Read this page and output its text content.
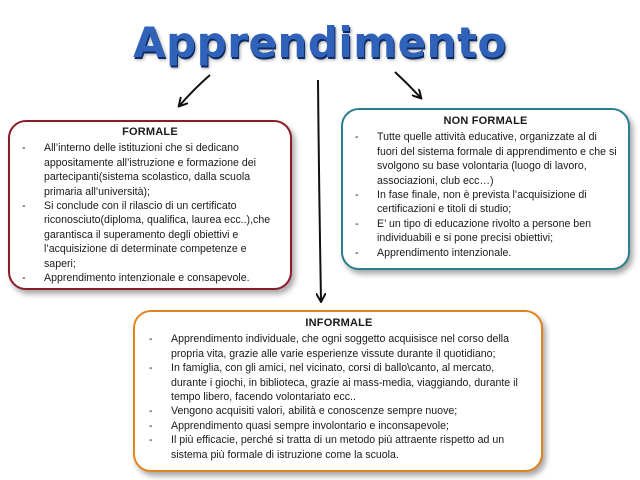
Apprendimento
FORMALE
- All’interno delle istituzioni che si dedicano appositamente all’istruzione e formazione dei partecipanti(sistema scolastico, dalla scuola primaria all’università);
- Si conclude con il rilascio di un certificato riconosciuto(diploma, qualifica, laurea ecc..),che garantisca il superamento degli obiettivi e l’acquisizione di determinate competenze e saperi;
- Apprendimento intenzionale e consapevole.
NON FORMALE
- Tutte quelle attività educative, organizzate al di fuori del sistema formale di apprendimento e che si svolgono su base volontaria (luogo di lavoro, associazioni, club ecc…)
- In fase finale, non è prevista l’acquisizione di certificazioni e titoli di studio;
- E’ un tipo di educazione rivolto a persone ben individuabili e si pone precisi obiettivi;
- Apprendimento intenzionale.
INFORMALE
- Apprendimento individuale, che ogni soggetto acquisisce nel corso della propria vita, grazie alle varie esperienze vissute durante il quotidiano;
- In famiglia, con gli amici, nel vicinato, corsi di ballo\canto, al mercato, durante i giochi, in biblioteca, grazie ai mass-media, viaggiando, durante il tempo libero, facendo volontariato ecc..
- Vengono acquisiti valori, abilità e conoscenze sempre nuove;
- Apprendimento quasi sempre involontario e inconsapevole;
- Il più efficacie, perché si tratta di un metodo più attraente rispetto ad un sistema più formale di istruzione come la scuola.
